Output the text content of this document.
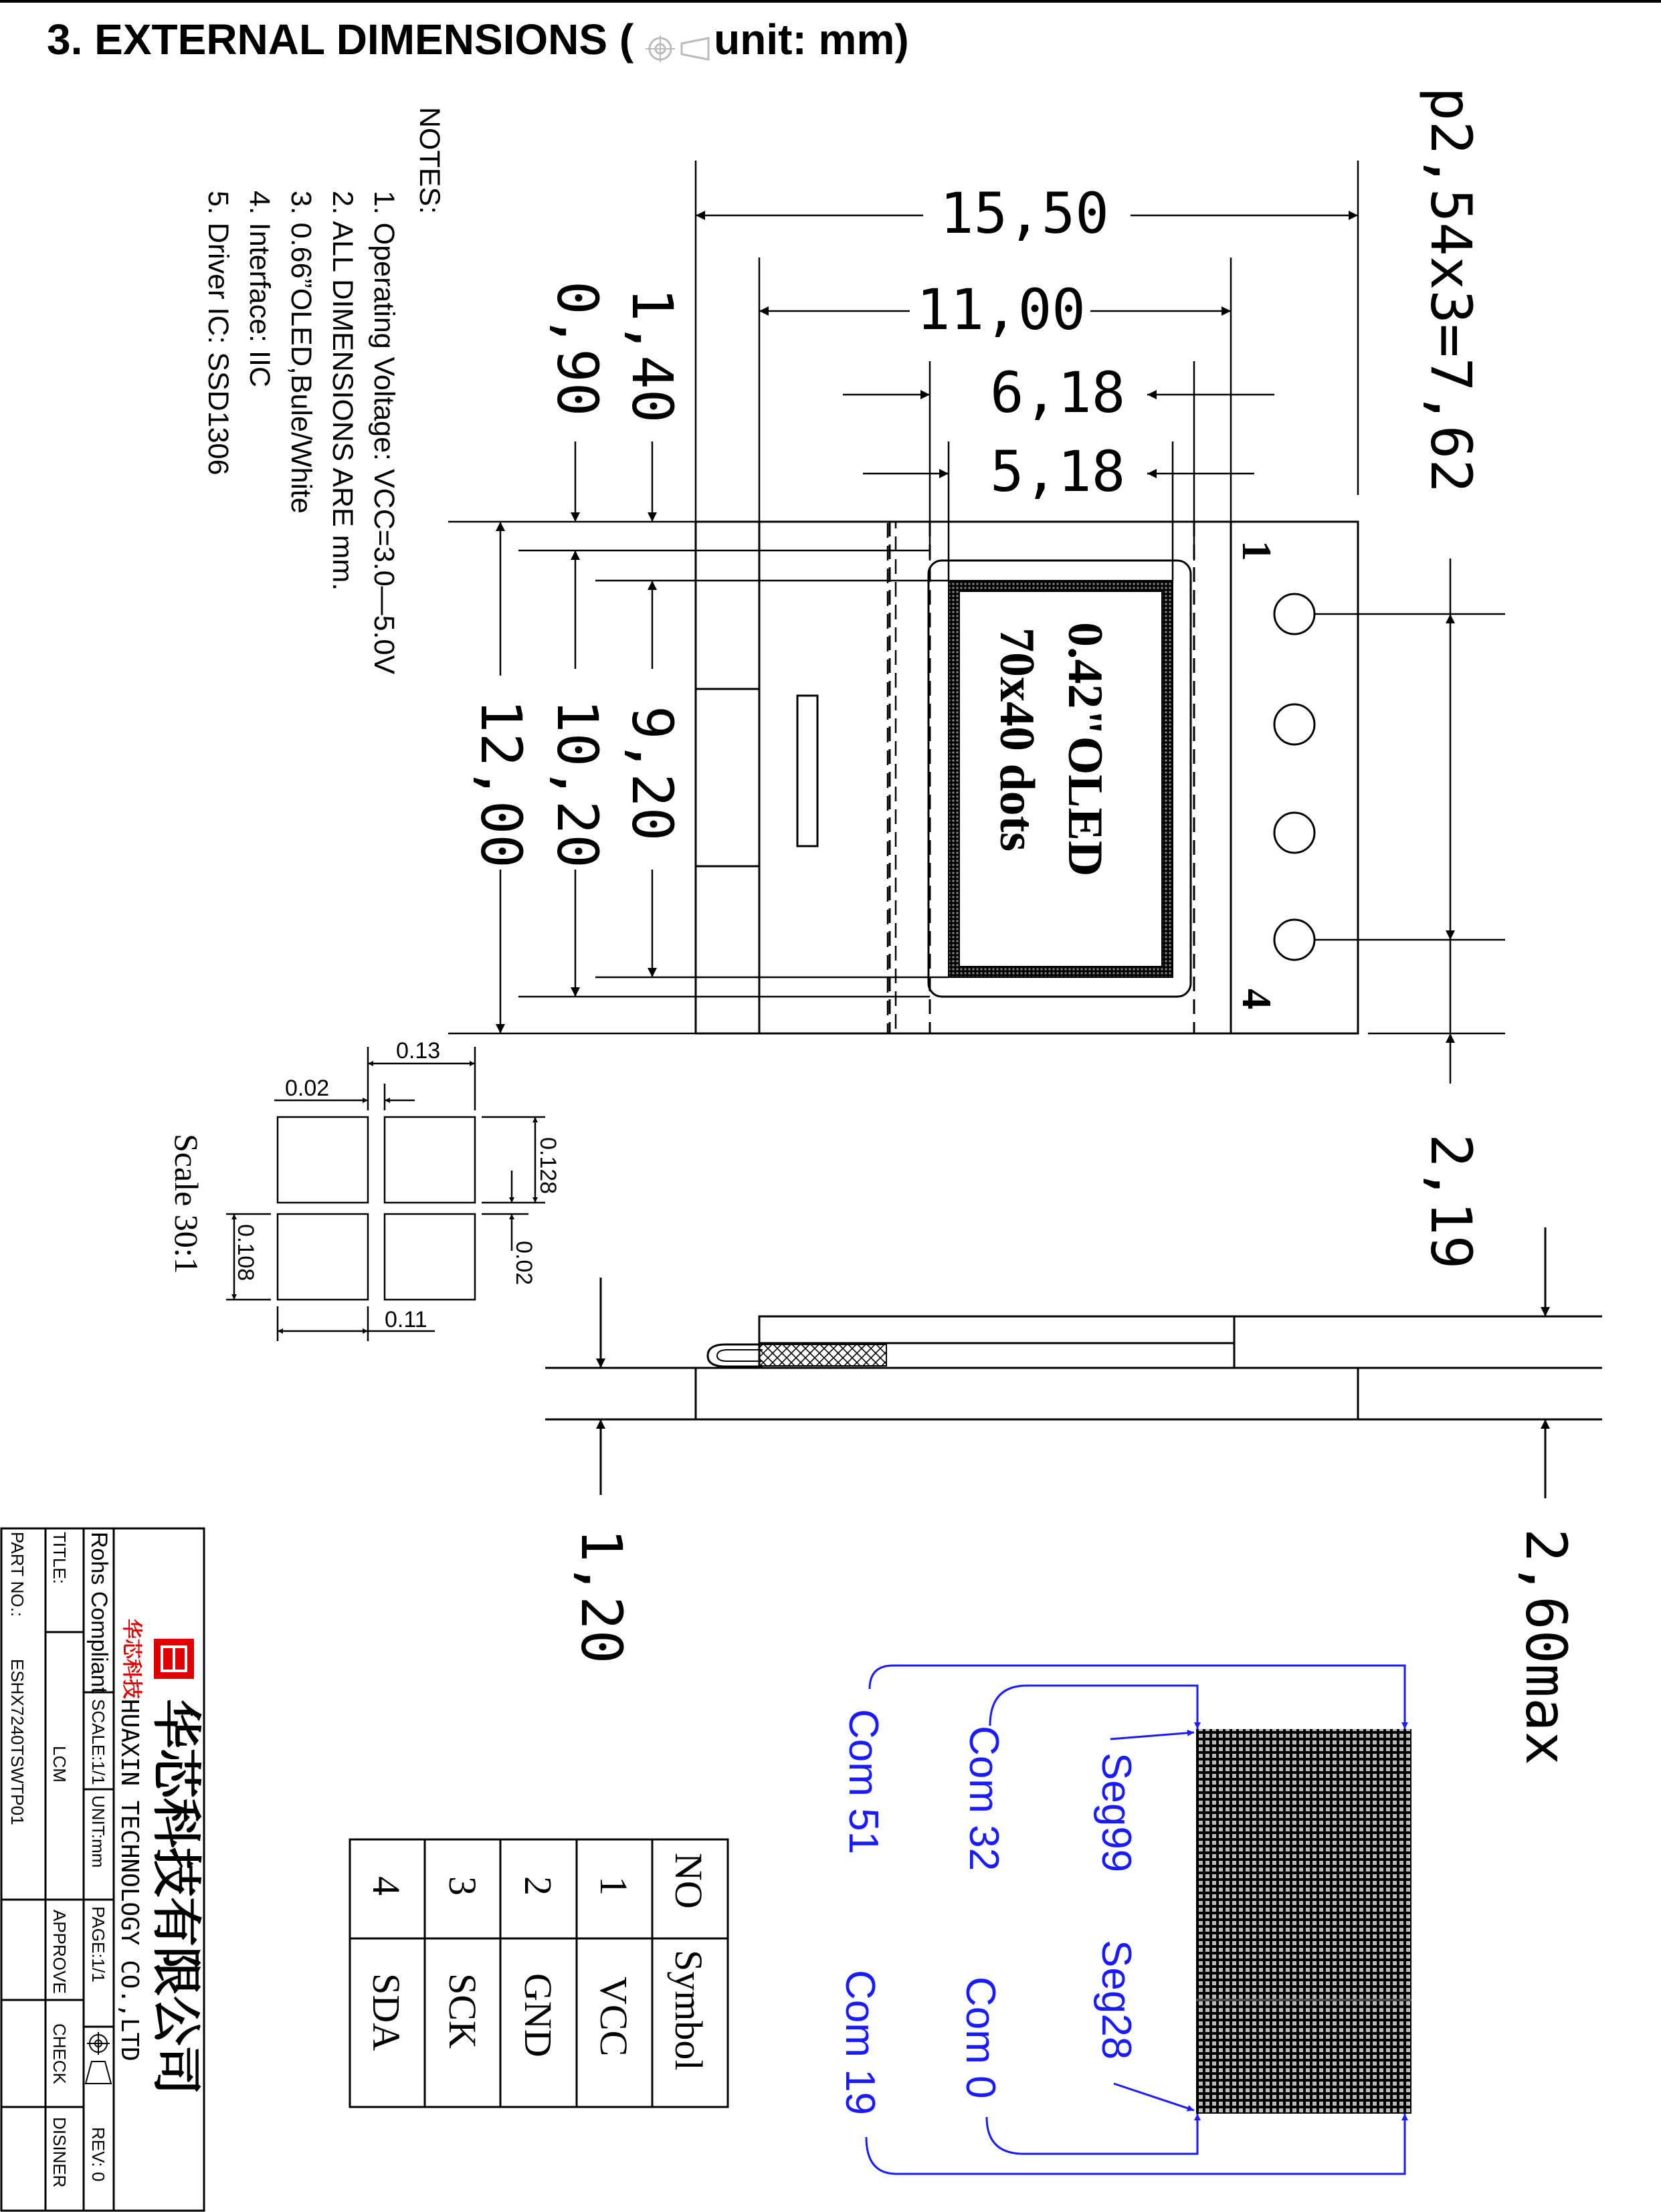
3. EXTERNAL DIMENSIONS ( unit: mm)
NOTES:
1. Operating Voltage: VCC=3.0—5.0V
2. ALL DIMENSIONS ARE mm.
3. 0.66”OLED,Bule/White
4. Interface: IIC
5. Driver IC: SSD1306
0.42"OLED
70x40 dots
1
4
15,50
11,00
6,18
5,18	p2,54x3=7,62
2,19
1,40
0,90
9,20
10,20
12,00
0.13
0.02
0.128
0.02
0.108
0.11
Scale 30:1
1,20	2,60max
Com 51 Com 32 Seg99
Seg28
Com 0
Com 19
NO
Symbol
1
VCC
2
GND
3
SCK
4
SDA
华芯科技
华芯科技有限公司
HUAXIN TECHNOLOGY CO.,LTD
Rohs Compliant
SCALE:1/1
UNIT:mm
PAGE:1/1
REV: 0
TITLE:
LCM
APPROVE
CHECK
DISINER
PART NO.:
ESHX7240TSWTP01
